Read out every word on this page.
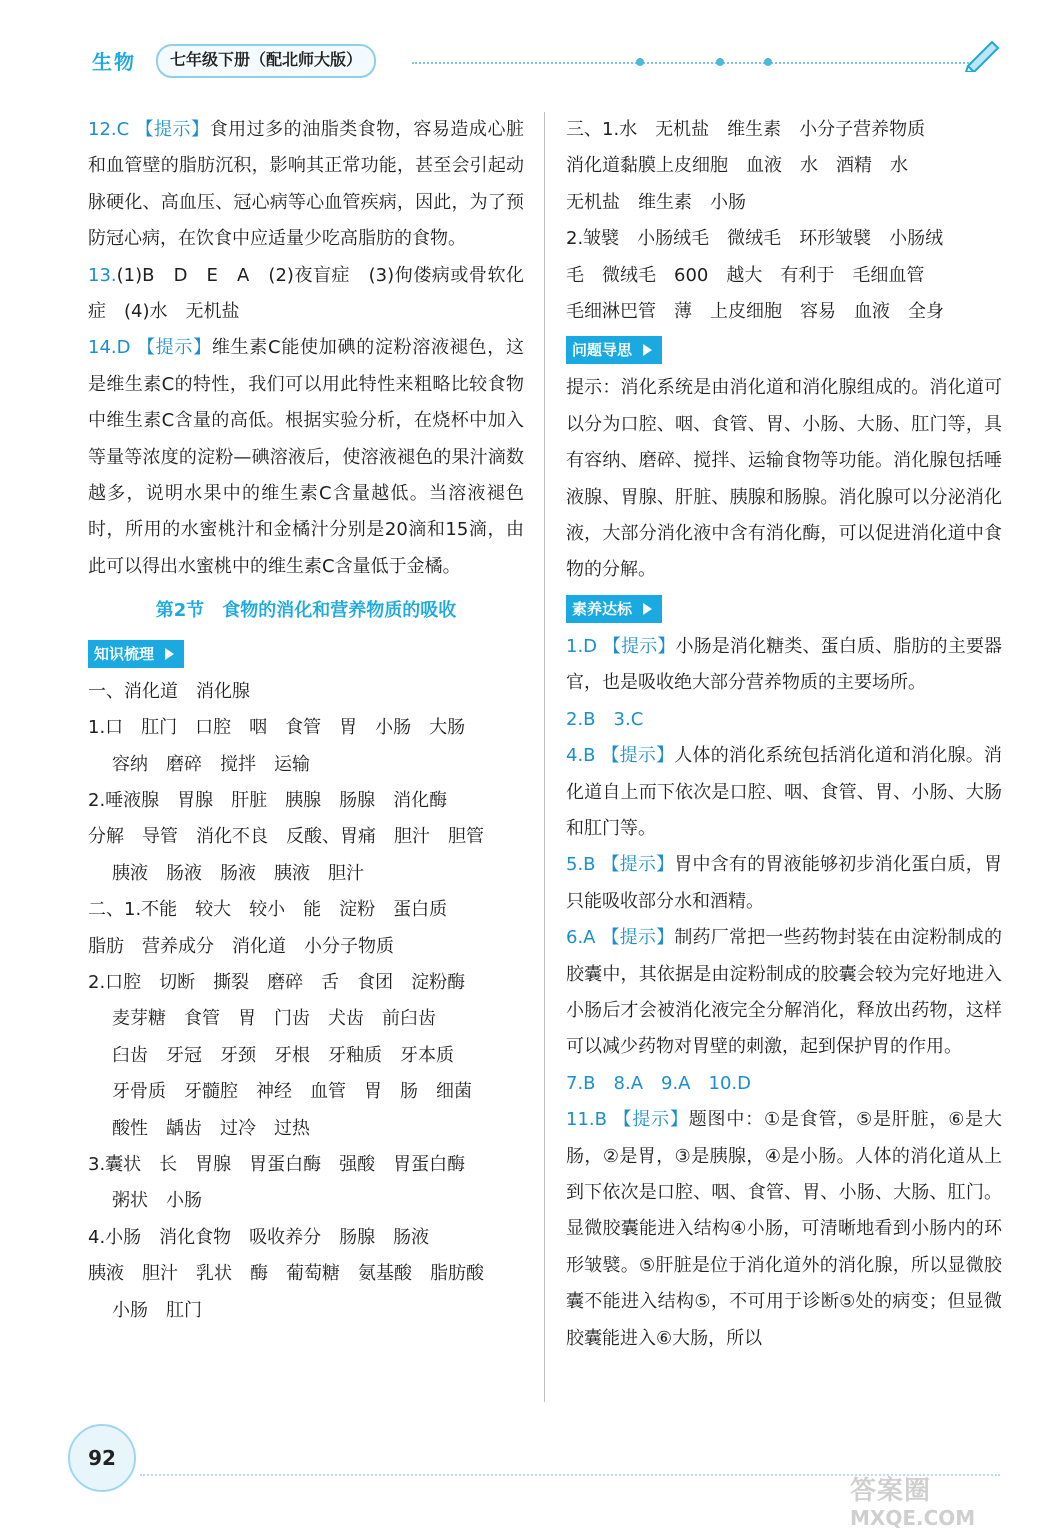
生物	七年级下册（配北师大版）

12.C 【提示】食用过多的油脂类食物，容易造成心脏和血管壁的脂肪沉积，影响其正常功能，甚至会引起动脉硬化、高血压、冠心病等心血管疾病，因此，为了预防冠心病，在饮食中应适量少吃高脂肪的食物。

13.(1)B　D　E　A　(2)夜盲症　(3)佝偻病或骨软化症　(4)水　无机盐

14.D 【提示】维生素C能使加碘的淀粉溶液褪色，这是维生素C的特性，我们可以用此特性来粗略比较食物中维生素C含量的高低。根据实验分析，在烧杯中加入等量等浓度的淀粉—碘溶液后，使溶液褪色的果汁滴数越多，说明水果中的维生素C含量越低。当溶液褪色时，所用的水蜜桃汁和金橘汁分别是20滴和15滴，由此可以得出水蜜桃中的维生素C含量低于金橘。

第2节　食物的消化和营养物质的吸收
知识梳理

一、消化道　消化腺

1.口　肛门　口腔　咽　食管　胃　小肠　大肠

容纳　磨碎　搅拌　运输

2.唾液腺　胃腺　肝脏　胰腺　肠腺　消化酶

分解　导管　消化不良　反酸、胃痛　胆汁　胆管

胰液　肠液　肠液　胰液　胆汁

二、1.不能　较大　较小　能　淀粉　蛋白质

脂肪　营养成分　消化道　小分子物质

2.口腔　切断　撕裂　磨碎　舌　食团　淀粉酶

麦芽糖　食管　胃　门齿　犬齿　前臼齿

臼齿　牙冠　牙颈　牙根　牙釉质　牙本质

牙骨质　牙髓腔　神经　血管　胃　肠　细菌

酸性　龋齿　过冷　过热

3.囊状　长　胃腺　胃蛋白酶　强酸　胃蛋白酶

粥状　小肠

4.小肠　消化食物　吸收养分　肠腺　肠液

胰液　胆汁　乳状　酶　葡萄糖　氨基酸　脂肪酸

小肠　肛门

三、1.水　无机盐　维生素　小分子营养物质

消化道黏膜上皮细胞　血液　水　酒精　水

无机盐　维生素　小肠

2.皱襞　小肠绒毛　微绒毛　环形皱襞　小肠绒

毛　微绒毛　600　越大　有利于　毛细血管

毛细淋巴管　薄　上皮细胞　容易　血液　全身

问题导思

提示：消化系统是由消化道和消化腺组成的。消化道可以分为口腔、咽、食管、胃、小肠、大肠、肛门等，具有容纳、磨碎、搅拌、运输食物等功能。消化腺包括唾液腺、胃腺、肝脏、胰腺和肠腺。消化腺可以分泌消化液，大部分消化液中含有消化酶，可以促进消化道中食物的分解。

素养达标

1.D 【提示】小肠是消化糖类、蛋白质、脂肪的主要器官，也是吸收绝大部分营养物质的主要场所。

2.B　3.C

4.B 【提示】人体的消化系统包括消化道和消化腺。消化道自上而下依次是口腔、咽、食管、胃、小肠、大肠和肛门等。

5.B 【提示】胃中含有的胃液能够初步消化蛋白质，胃只能吸收部分水和酒精。

6.A 【提示】制药厂常把一些药物封装在由淀粉制成的胶囊中，其依据是由淀粉制成的胶囊会较为完好地进入小肠后才会被消化液完全分解消化，释放出药物，这样可以减少药物对胃壁的刺激，起到保护胃的作用。

7.B　8.A　9.A　10.D

11.B 【提示】题图中：①是食管，⑤是肝脏，⑥是大肠，②是胃，③是胰腺，④是小肠。人体的消化道从上到下依次是口腔、咽、食管、胃、小肠、大肠、肛门。显微胶囊能进入结构④小肠，可清晰地看到小肠内的环形皱襞。⑤肝脏是位于消化道外的消化腺，所以显微胶囊不能进入结构⑤，不可用于诊断⑤处的病变；但显微胶囊能进入⑥大肠，所以

92
答案圈
MXQE.COM
